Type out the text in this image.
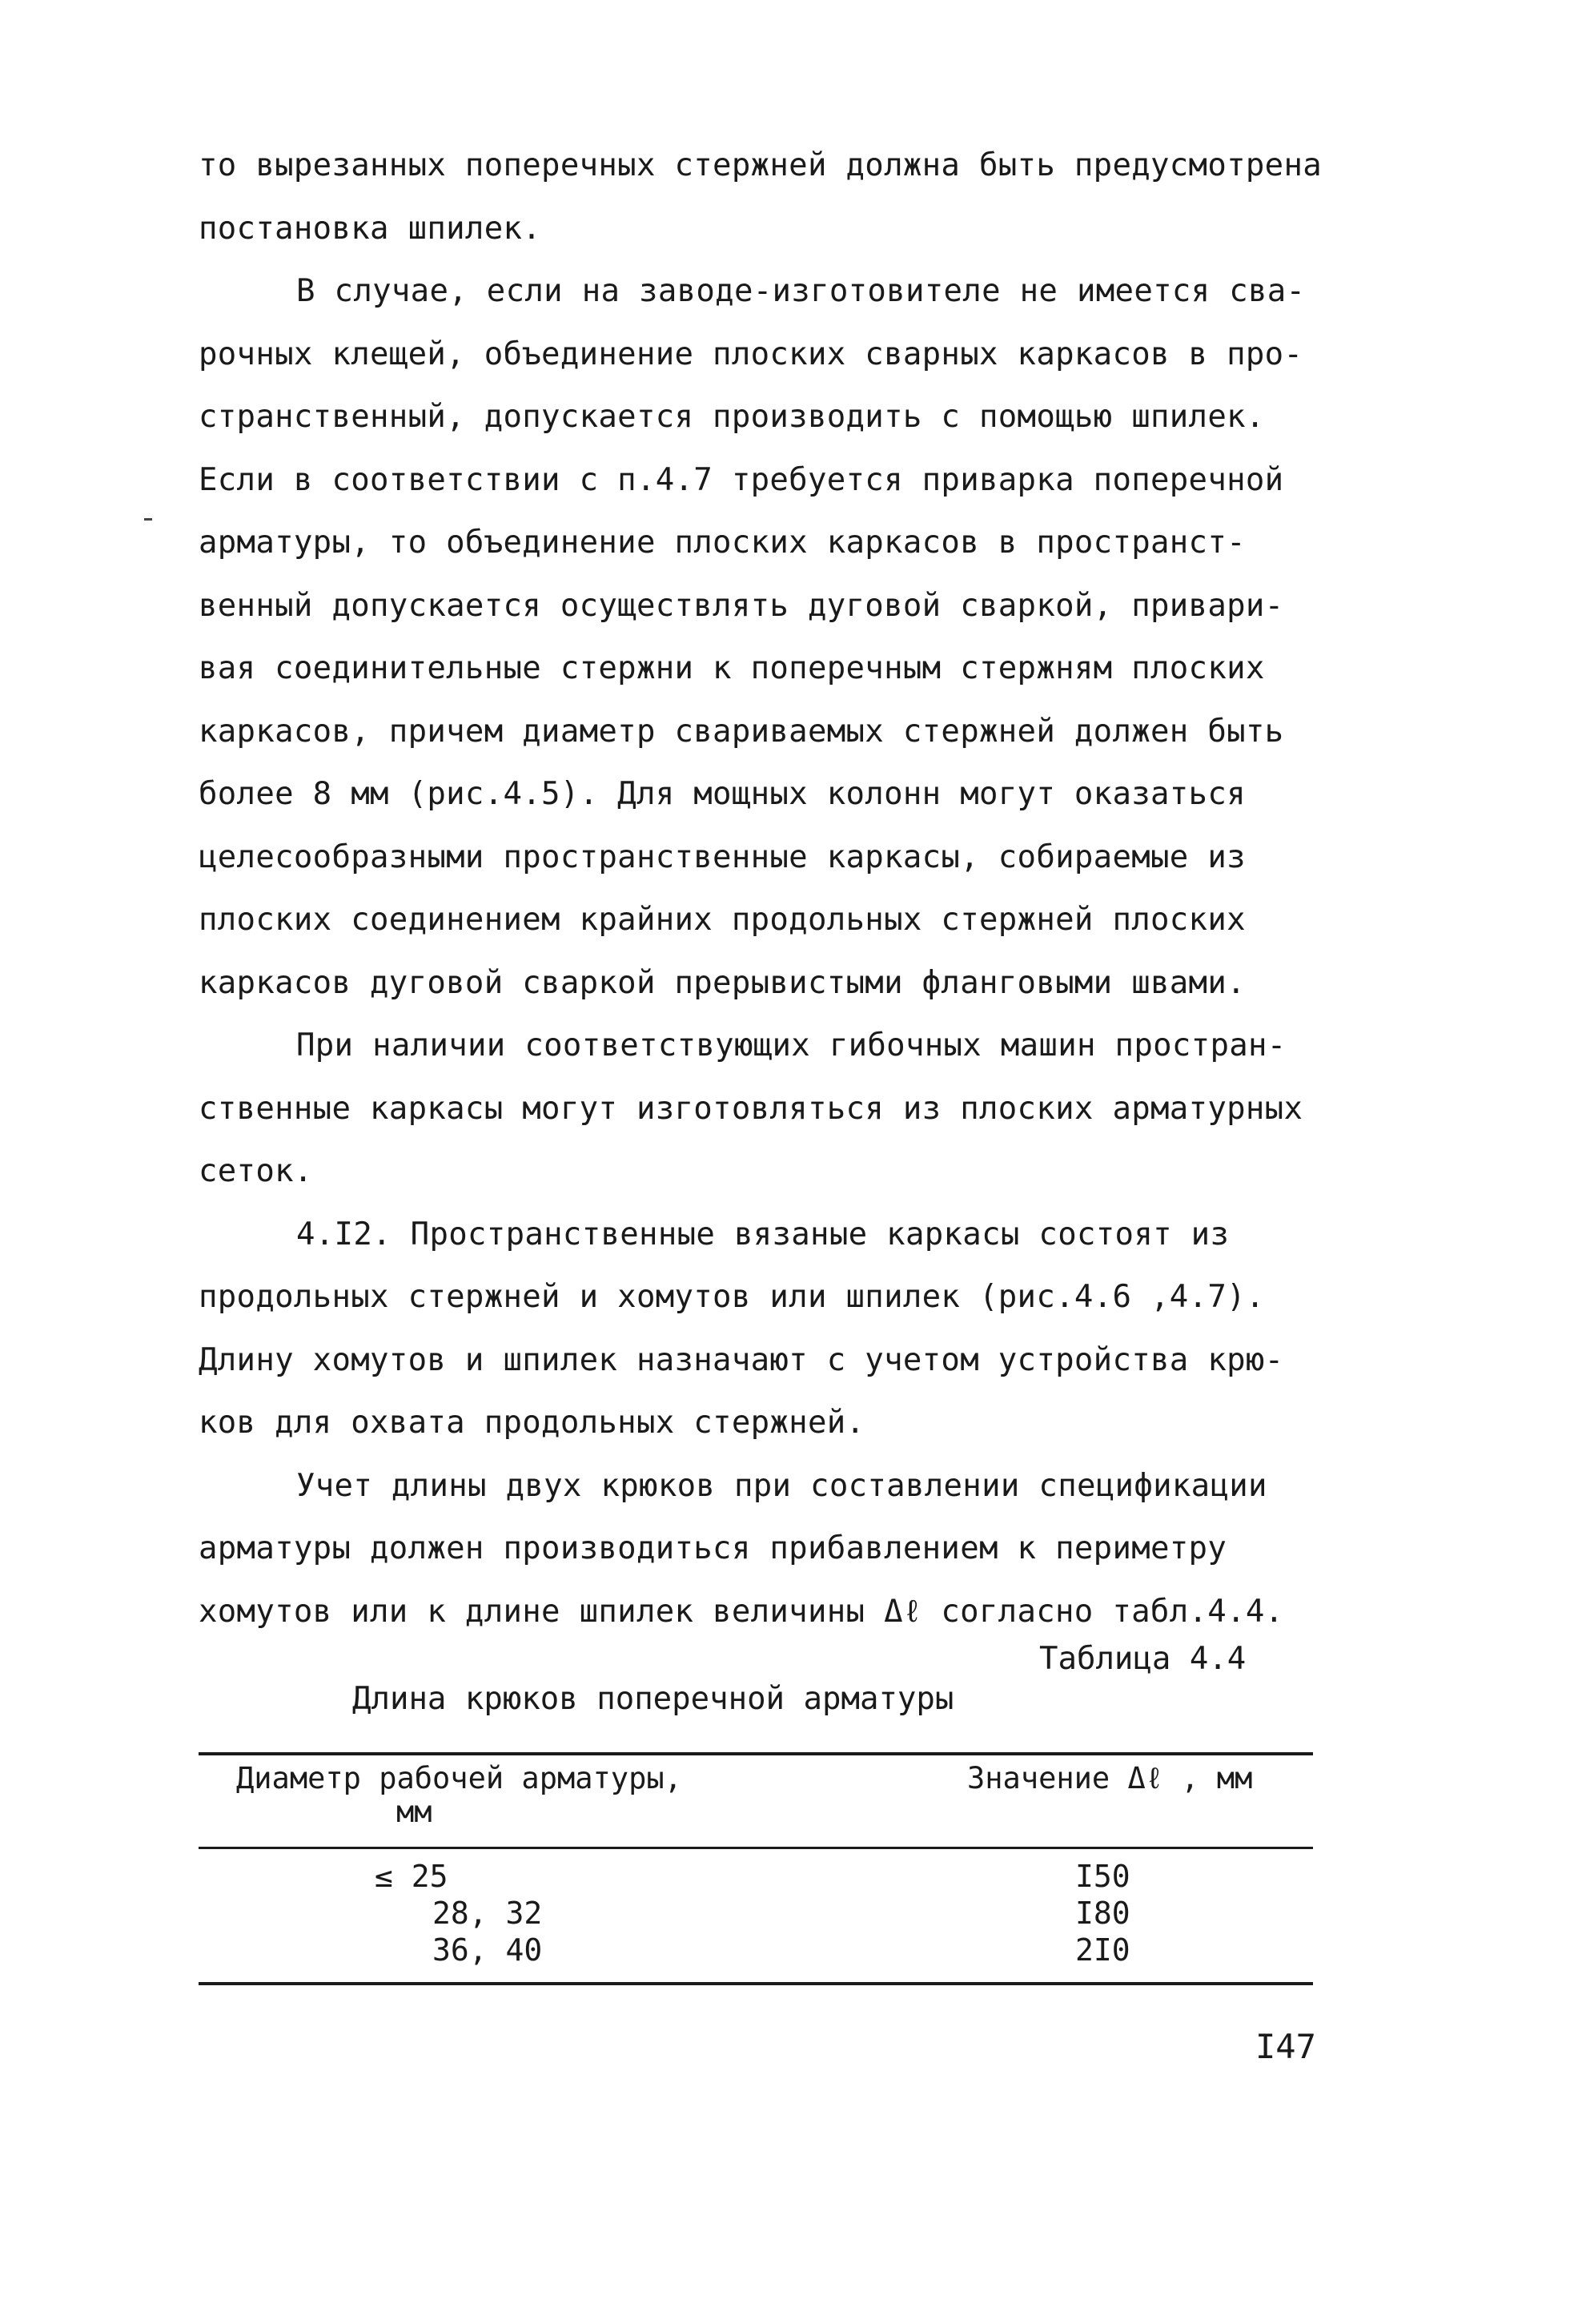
то вырезанных поперечных стержней должна быть предусмотрена
постановка шпилек.
В случае, если на заводе-изготовителе не имеется сва-
рочных клещей, объединение плоских сварных каркасов в про-
странственный, допускается производить с помощью шпилек.
Если в соответствии с п.4.7 требуется приварка поперечной
арматуры, то объединение плоских каркасов в пространст-
венный допускается осуществлять дуговой сваркой, привари-
вая соединительные стержни к поперечным стержням плоских
каркасов, причем диаметр свариваемых стержней должен быть
более 8 мм (рис.4.5). Для мощных колонн могут оказаться
целесообразными пространственные каркасы, собираемые из
плоских соединением крайних продольных стержней плоских
каркасов дуговой сваркой прерывистыми фланговыми швами.
При наличии соответствующих гибочных машин простран-
ственные каркасы могут изготовляться из плоских арматурных
сеток.
4.I2. Пространственные вязаные каркасы состоят из
продольных стержней и хомутов или шпилек (рис.4.6 ,4.7).
Длину хомутов и шпилек назначают с учетом устройства крю-
ков для охвата продольных стержней.
Учет длины двух крюков при составлении спецификации
арматуры должен производиться прибавлением к периметру
хомутов или к длине шпилек величины Δℓ согласно табл.4.4.
Таблица 4.4
Длина крюков поперечной арматуры
Диаметр рабочей арматуры,
мм
Значение Δℓ , мм
≤ 25	I50
28, 32	I80
36, 40	2I0
I47
